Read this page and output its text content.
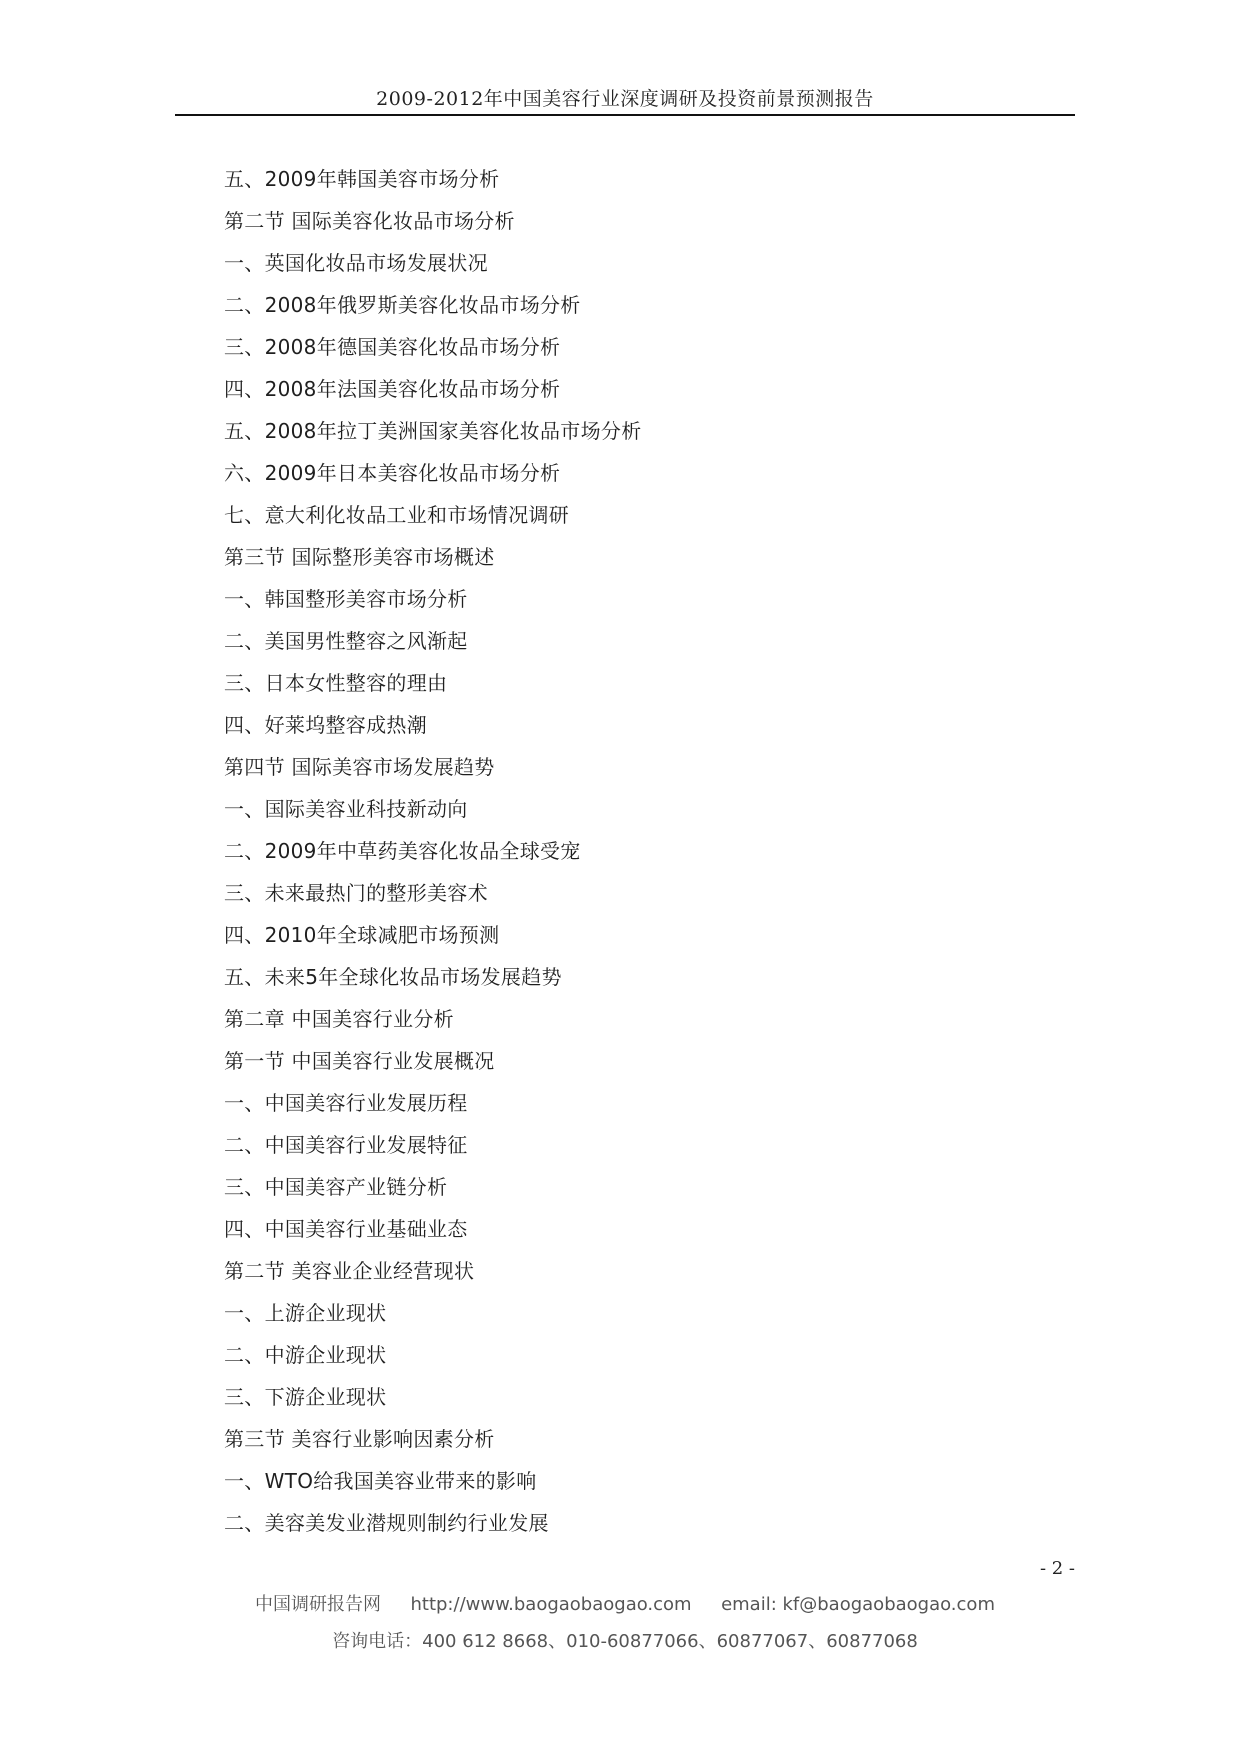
2009-2012年中国美容行业深度调研及投资前景预测报告
五、2009年韩国美容市场分析
第二节 国际美容化妆品市场分析
一、英国化妆品市场发展状况
二、2008年俄罗斯美容化妆品市场分析
三、2008年德国美容化妆品市场分析
四、2008年法国美容化妆品市场分析
五、2008年拉丁美洲国家美容化妆品市场分析
六、2009年日本美容化妆品市场分析
七、意大利化妆品工业和市场情况调研
第三节 国际整形美容市场概述
一、韩国整形美容市场分析
二、美国男性整容之风渐起
三、日本女性整容的理由
四、好莱坞整容成热潮
第四节 国际美容市场发展趋势
一、国际美容业科技新动向
二、2009年中草药美容化妆品全球受宠
三、未来最热门的整形美容术
四、2010年全球减肥市场预测
五、未来5年全球化妆品市场发展趋势
第二章 中国美容行业分析
第一节 中国美容行业发展概况
一、中国美容行业发展历程
二、中国美容行业发展特征
三、中国美容产业链分析
四、中国美容行业基础业态
第二节 美容业企业经营现状
一、上游企业现状
二、中游企业现状
三、下游企业现状
第三节 美容行业影响因素分析
一、WTO给我国美容业带来的影响
二、美容美发业潜规则制约行业发展
- 2 -
中国调研报告网 http://www.baogaobaogao.com email: kf@baogaobaogao.com
咨询电话：400 612 8668、010-60877066、60877067、60877068
